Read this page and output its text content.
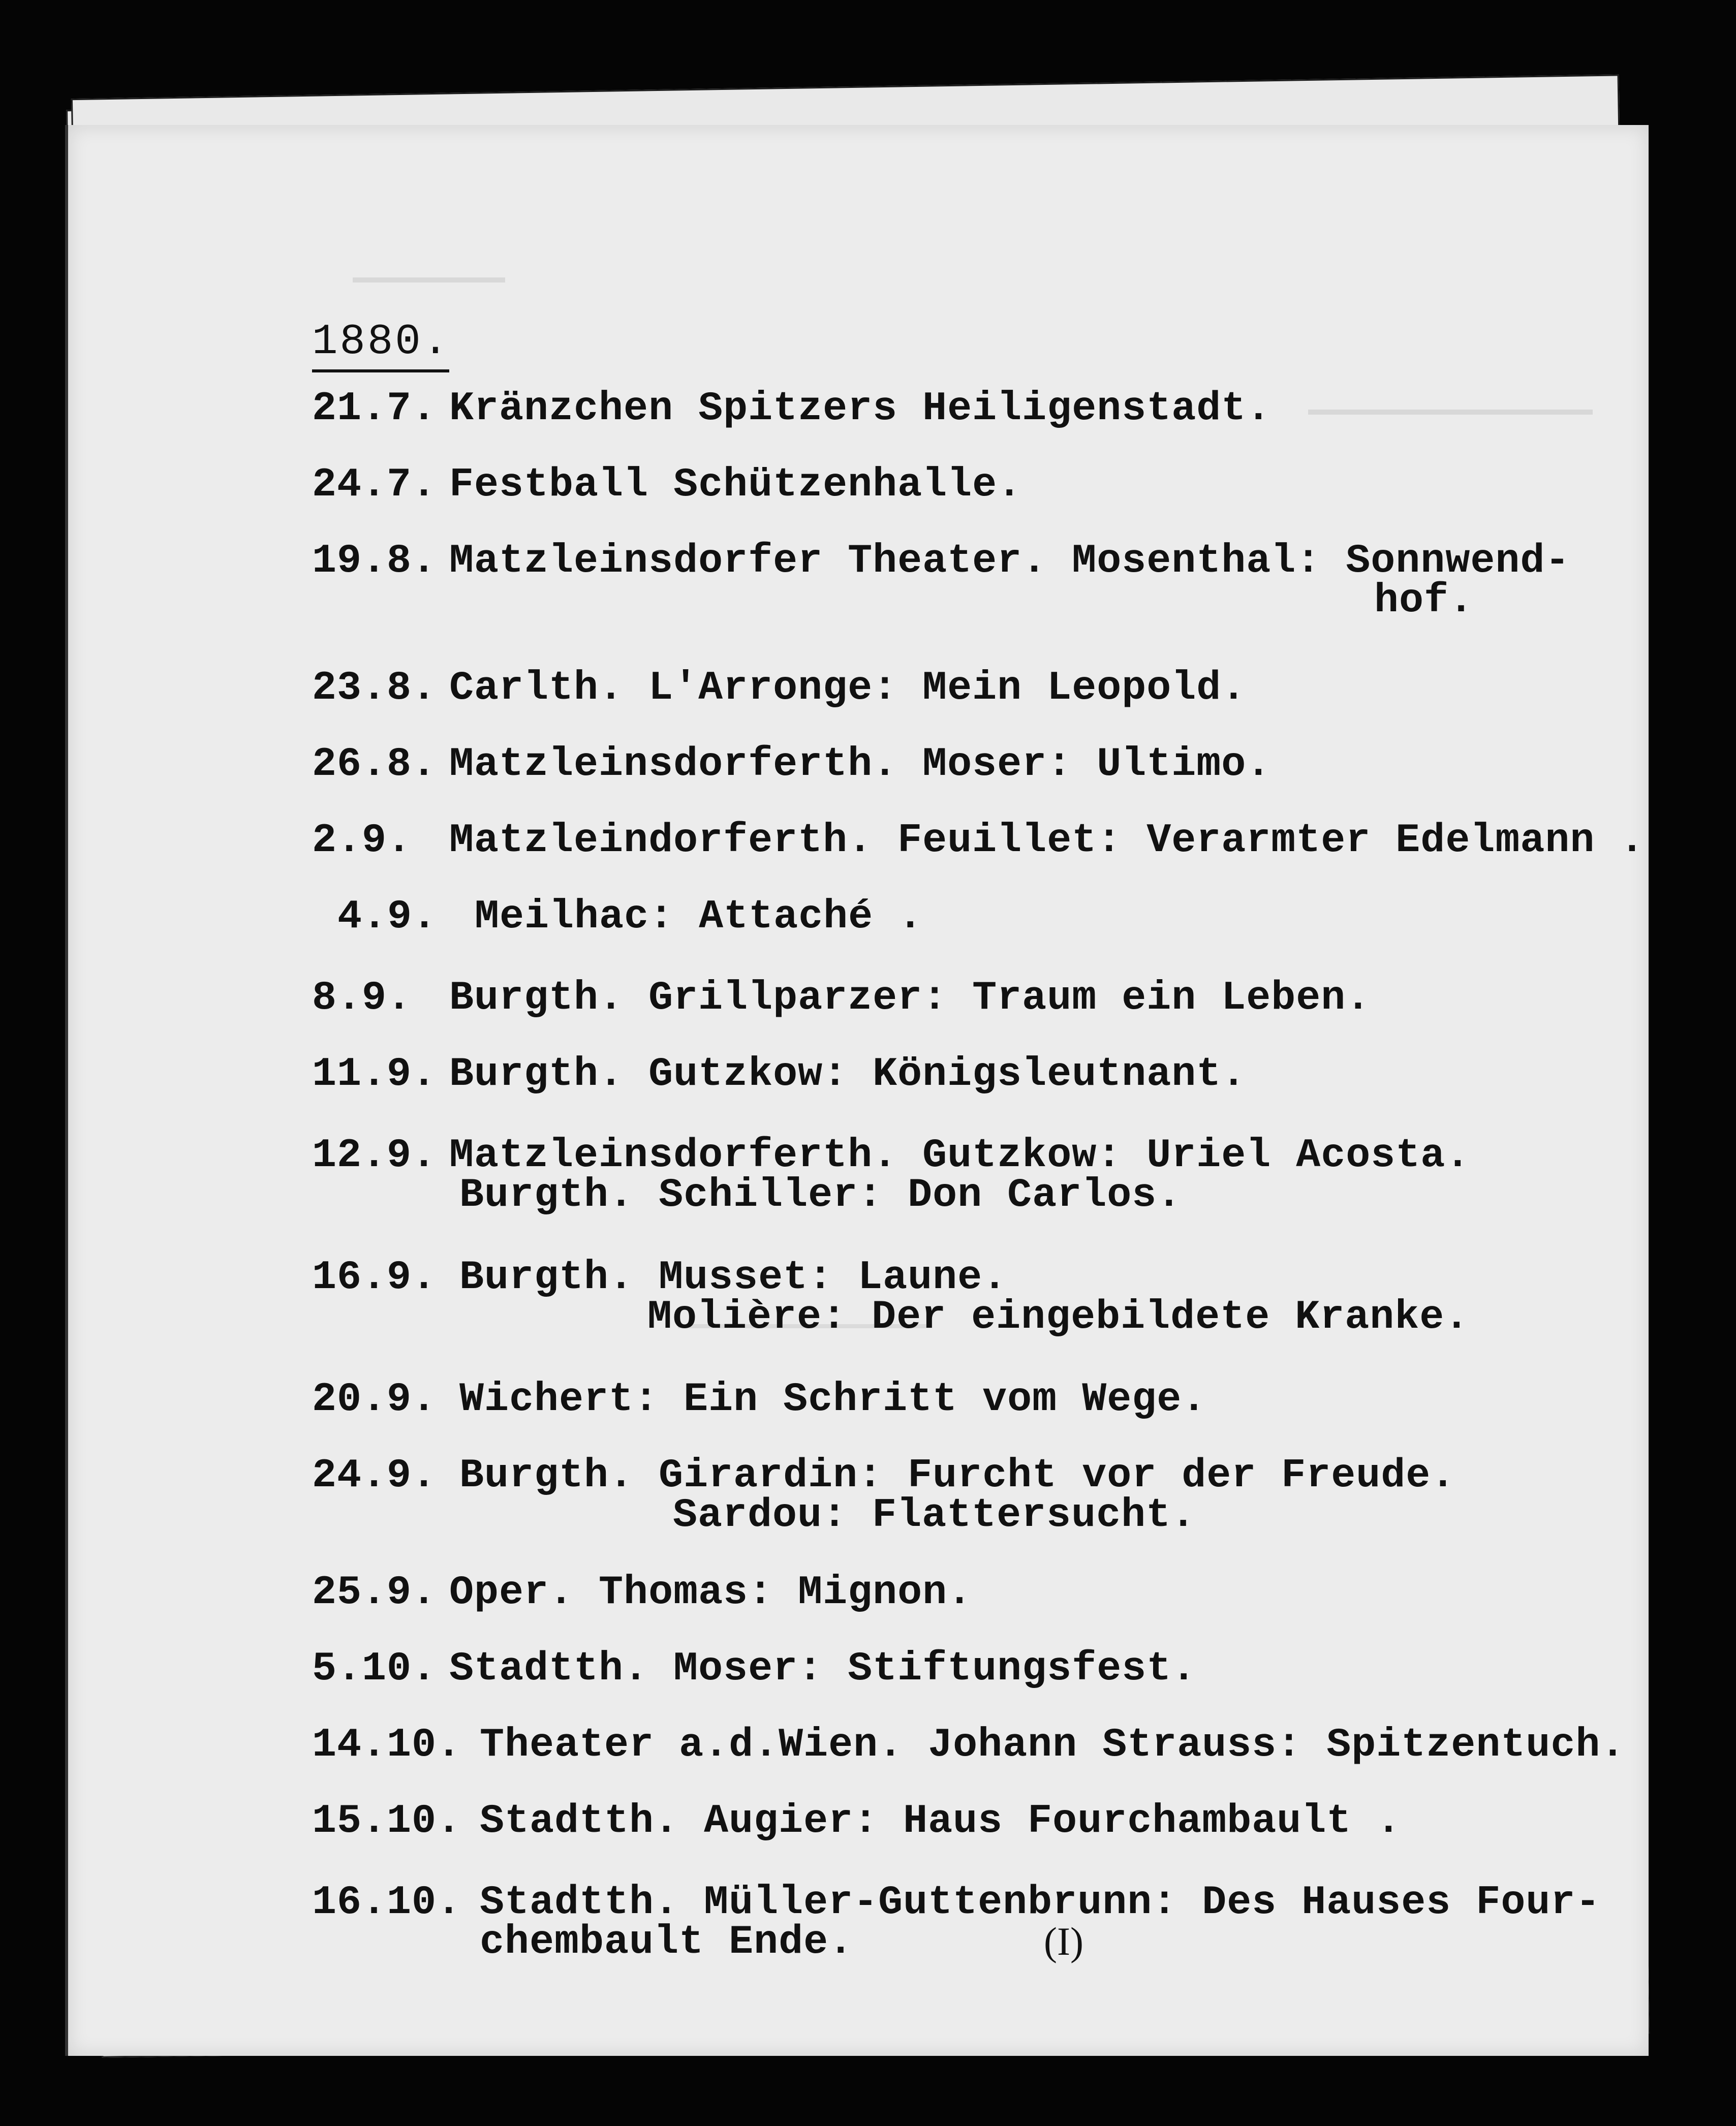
1880.

21.7.

Kränzchen Spitzers Heiligenstadt.

24.7.

Festball Schützenhalle.

19.8.

Matzleinsdorfer Theater. Mosenthal: Sonnwend-

hof.

23.8.

Carlth. L'Arronge: Mein Leopold.

26.8.

Matzleinsdorferth. Moser: Ultimo.

2.9.

Matzleindorferth. Feuillet: Verarmter Edelmann .

4.9.

Meilhac: Attaché .

8.9.

Burgth. Grillparzer: Traum ein Leben.

11.9.

Burgth. Gutzkow: Königsleutnant.

12.9.

Matzleinsdorferth. Gutzkow: Uriel Acosta.

Burgth. Schiller: Don Carlos.

16.9.

Burgth. Musset: Laune.

Molière: Der eingebildete Kranke.

20.9.

Wichert: Ein Schritt vom Wege.

24.9.

Burgth. Girardin: Furcht vor der Freude.

Sardou: Flattersucht.

25.9.

Oper. Thomas: Mignon.

5.10.

Stadtth. Moser: Stiftungsfest.

14.10.

Theater a.d.Wien. Johann Strauss: Spitzentuch.

15.10.

Stadtth. Augier: Haus Fourchambault .

16.10.

Stadtth. Müller-Guttenbrunn: Des Hauses Four-

chembault Ende.

	(I)
